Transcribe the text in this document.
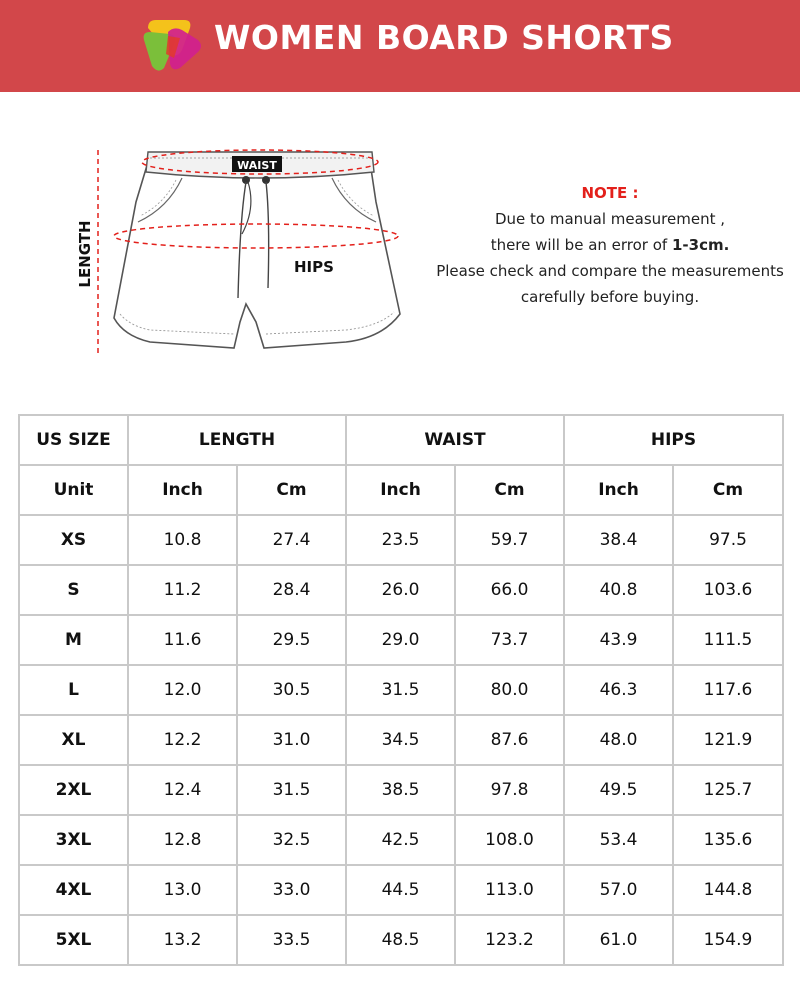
WOMEN BOARD SHORTS
LENGTH
WAIST
HIPS
NOTE :
Due to manual measurement ,
there will be an error of 1-3cm.
Please check and compare the measurements
carefully before buying.
US SIZE	LENGTH		WAIST		HIPS	
Unit	Inch	Cm	Inch	Cm	Inch	Cm
XS	10.8	27.4	23.5	59.7	38.4	97.5
S	11.2	28.4	26.0	66.0	40.8	103.6
M	11.6	29.5	29.0	73.7	43.9	111.5
L	12.0	30.5	31.5	80.0	46.3	117.6
XL	12.2	31.0	34.5	87.6	48.0	121.9
2XL	12.4	31.5	38.5	97.8	49.5	125.7
3XL	12.8	32.5	42.5	108.0	53.4	135.6
4XL	13.0	33.0	44.5	113.0	57.0	144.8
5XL	13.2	33.5	48.5	123.2	61.0	154.9
